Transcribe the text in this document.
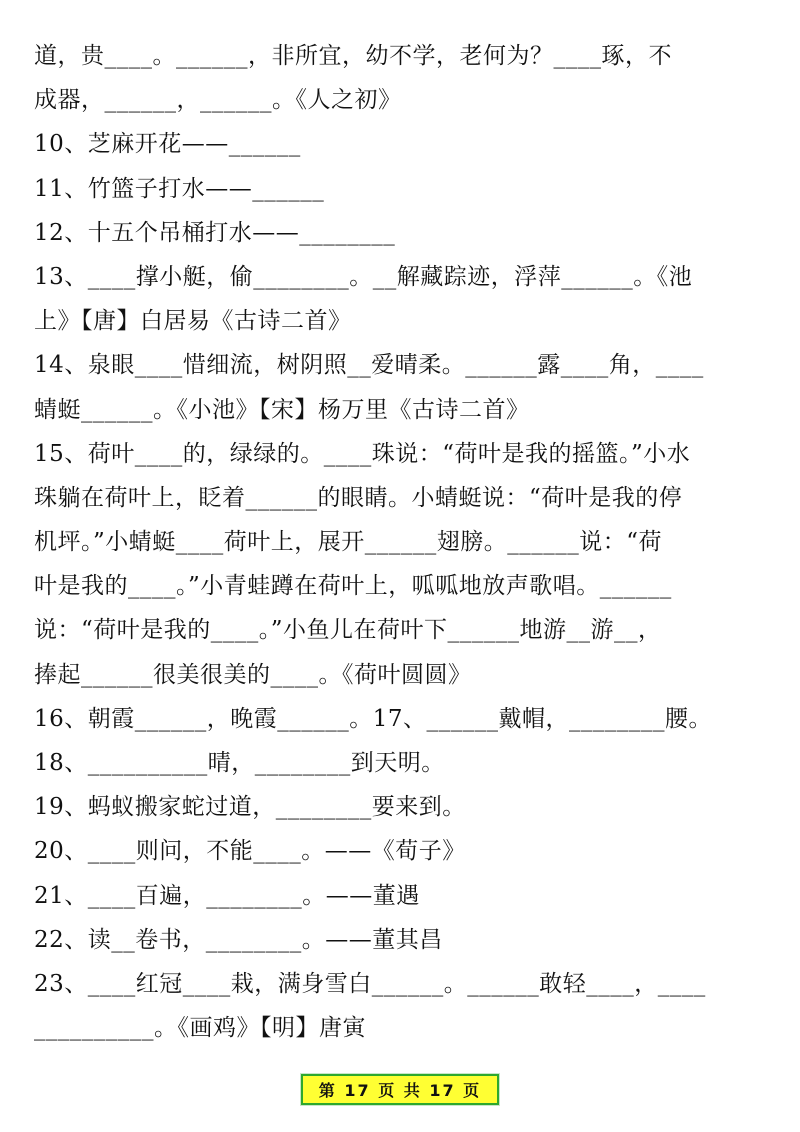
道，贵____。______，非所宜，幼不学，老何为？____琢，不
成器，______，______。《人之初》
10、芝麻开花——______
11、竹篮子打水——______
12、十五个吊桶打水——________
13、____撑小艇，偷________。__解藏踪迹，浮萍______。《池
上》【唐】白居易《古诗二首》
14、泉眼____惜细流，树阴照__爱晴柔。______露____角，____
蜻蜓______。《小池》【宋】杨万里《古诗二首》
15、荷叶____的，绿绿的。____珠说：“荷叶是我的摇篮。”小水
珠躺在荷叶上，眨着______的眼睛。小蜻蜓说：“荷叶是我的停
机坪。”小蜻蜓____荷叶上，展开______翅膀。______说：“荷
叶是我的____。”小青蛙蹲在荷叶上，呱呱地放声歌唱。______
说：“荷叶是我的____。”小鱼儿在荷叶下______地游__游__，
捧起______很美很美的____。《荷叶圆圆》
16、朝霞______，晚霞______。17、______戴帽，________腰。
18、__________晴，________到天明。
19、蚂蚁搬家蛇过道，________要来到。
20、____则问，不能____。——《荀子》
21、____百遍，________。——董遇
22、读__卷书，________。——董其昌
23、____红冠____栽，满身雪白______。______敢轻____，____
__________。《画鸡》【明】唐寅
第 17 页 共 17 页
